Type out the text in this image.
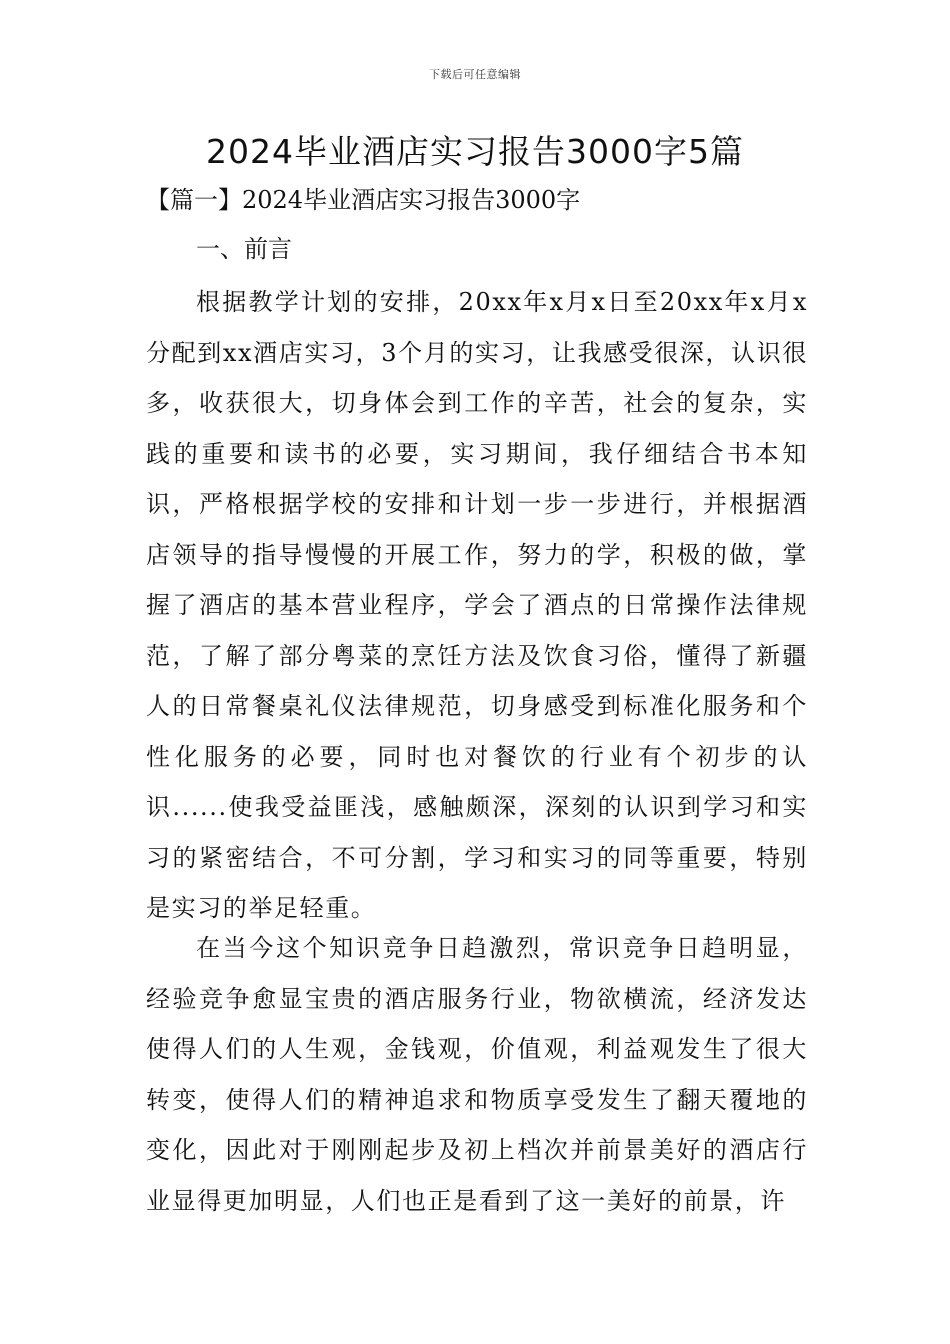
下载后可任意编辑
2024毕业酒店实习报告3000字5篇
【篇一】2024毕业酒店实习报告3000字
一、前言

根据教学计划的安排，20xx年x月x日至20xx年x月x分配到xx酒店实习，3个月的实习，让我感受很深，认识很多，收获很大，切身体会到工作的辛苦，社会的复杂，实践的重要和读书的必要，实习期间，我仔细结合书本知识，严格根据学校的安排和计划一步一步进行，并根据酒店领导的指导慢慢的开展工作，努力的学，积极的做，掌握了酒店的基本营业程序，学会了酒点的日常操作法律规范，了解了部分粤菜的烹饪方法及饮食习俗，懂得了新疆人的日常餐桌礼仪法律规范，切身感受到标准化服务和个性化服务的必要，同时也对餐饮的行业有个初步的认识......使我受益匪浅，感触颇深，深刻的认识到学习和实习的紧密结合，不可分割，学习和实习的同等重要，特别是实习的举足轻重。

在当今这个知识竞争日趋激烈，常识竞争日趋明显，经验竞争愈显宝贵的酒店服务行业，物欲横流，经济发达使得人们的人生观，金钱观，价值观，利益观发生了很大转变，使得人们的精神追求和物质享受发生了翻天覆地的变化，因此对于刚刚起步及初上档次并前景美好的酒店行业显得更加明显，人们也正是看到了这一美好的前景，许
